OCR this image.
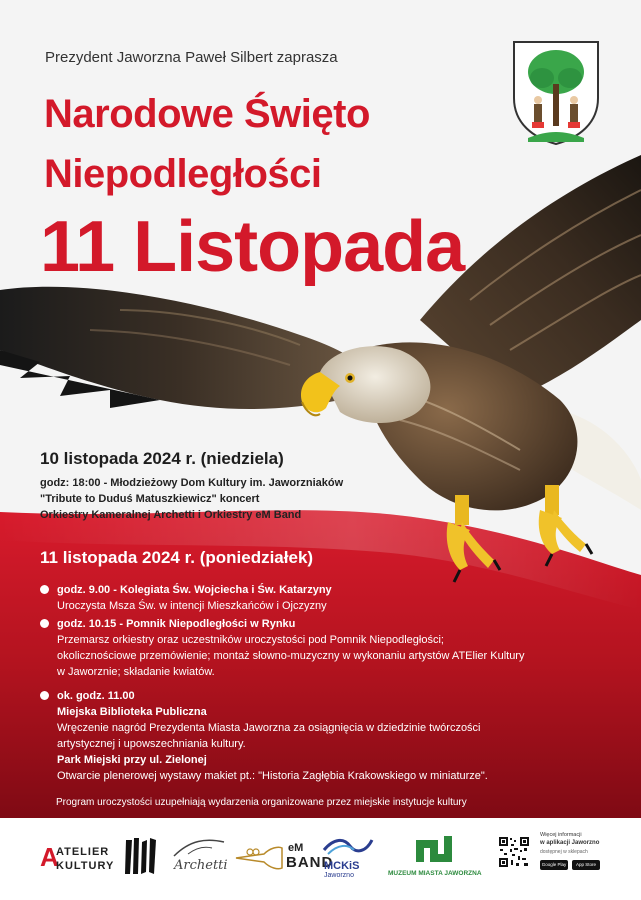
Prezydent Jaworzna Paweł Silbert zaprasza
Narodowe Święto
Niepodległości
11 Listopada
10 listopada 2024 r. (niedziela)
godz: 18:00 - Młodzieżowy Dom Kultury im. Jaworzniaków
"Tribute to Duduś Matuszkiewicz" koncert
Orkiestry Kameralnej Archetti i Orkiestry eM Band
11 listopada 2024 r. (poniedziałek)
godz. 9.00 - Kolegiata Św. Wojciecha i Św. Katarzyny
Uroczysta Msza Św. w intencji Mieszkańców i Ojczyzny
godz. 10.15 - Pomnik Niepodległości w Rynku
Przemarsz orkiestry oraz uczestników uroczystości pod Pomnik Niepodległości;
okolicznościowe przemówienie; montaż słowno-muzyczny w wykonaniu artystów ATElier Kultury
w Jaworznie; składanie kwiatów.
ok. godz. 11.00
Miejska Biblioteka Publiczna
Wręczenie nagród Prezydenta Miasta Jaworzna za osiągnięcia w dziedzinie twórczości
artystycznej i upowszechniania kultury.
Park Miejski przy ul. Zielonej
Otwarcie plenerowej wystawy makiet pt.: "Historia Zagłębia Krakowskiego w miniaturze".
Program uroczystości uzupełniają wydarzenia organizowane przez miejskie instytucje kultury
A
ATELIER
KULTURY	Archetti
eM
BAND
MCKiS
Jaworzno	MUZEUM MIASTA JAWORZNA
Więcej informacji
w aplikacji Jaworzno
dostępnej w sklepach
Google Play	App Store
